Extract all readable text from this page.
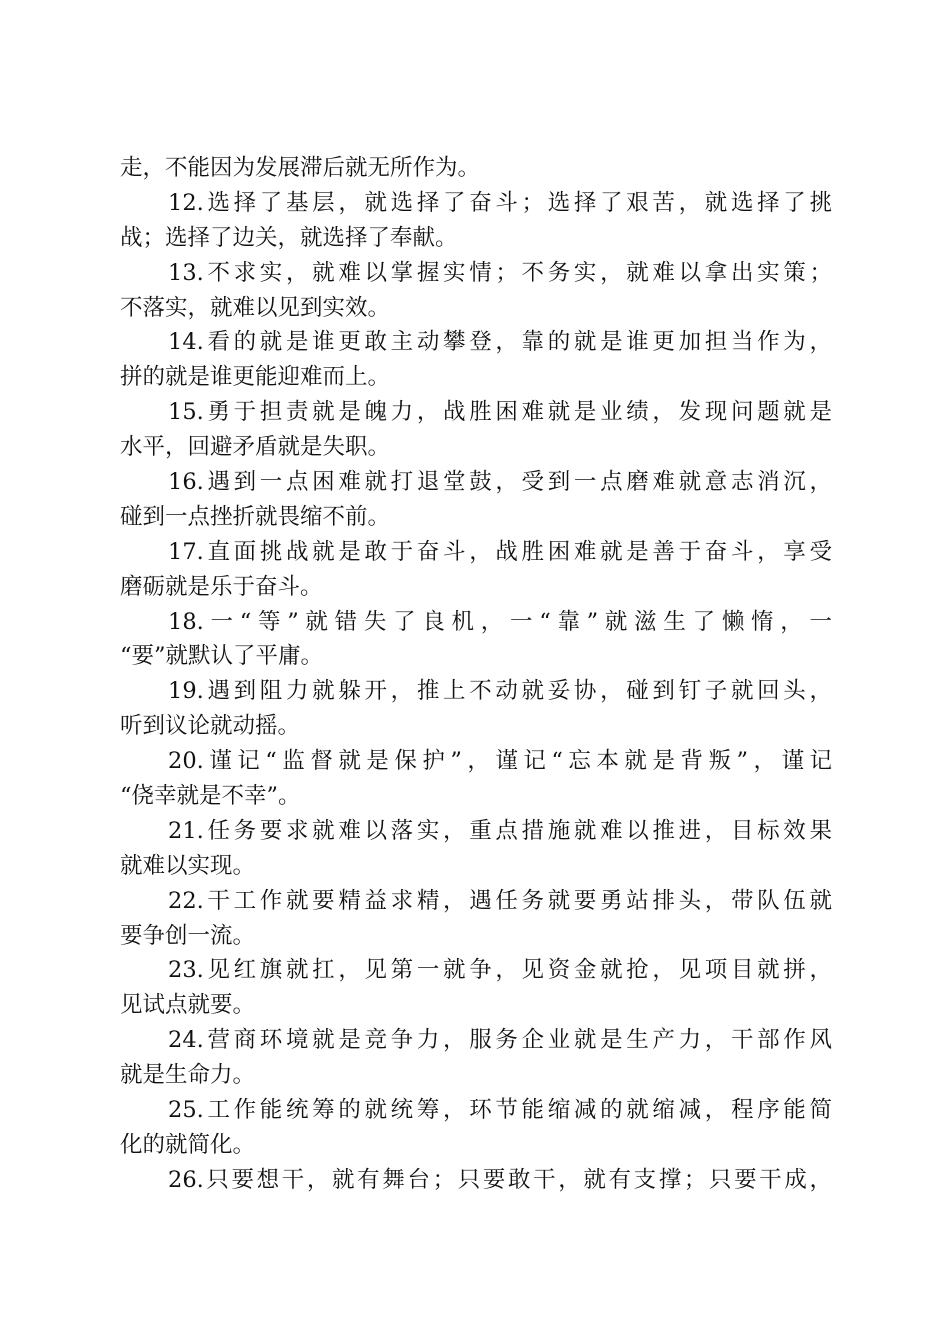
走，不能因为发展滞后就无所作为。
12.选择了基层，就选择了奋斗；选择了艰苦，就选择了挑
战；选择了边关，就选择了奉献。
13.不求实，就难以掌握实情；不务实，就难以拿出实策；
不落实，就难以见到实效。
14.看的就是谁更敢主动攀登，靠的就是谁更加担当作为，
拼的就是谁更能迎难而上。
15.勇于担责就是魄力，战胜困难就是业绩，发现问题就是
水平，回避矛盾就是失职。
16.遇到一点困难就打退堂鼓，受到一点磨难就意志消沉，
碰到一点挫折就畏缩不前。
17.直面挑战就是敢于奋斗，战胜困难就是善于奋斗，享受
磨砺就是乐于奋斗。
18.一“等”就错失了良机，一“靠”就滋生了懒惰，一
“要”就默认了平庸。
19.遇到阻力就躲开，推上不动就妥协，碰到钉子就回头，
听到议论就动摇。
20.谨记“监督就是保护”，谨记“忘本就是背叛”，谨记
“侥幸就是不幸”。
21.任务要求就难以落实，重点措施就难以推进，目标效果
就难以实现。
22.干工作就要精益求精，遇任务就要勇站排头，带队伍就
要争创一流。
23.见红旗就扛，见第一就争，见资金就抢，见项目就拼，
见试点就要。
24.营商环境就是竞争力，服务企业就是生产力，干部作风
就是生命力。
25.工作能统筹的就统筹，环节能缩减的就缩减，程序能简
化的就简化。
26.只要想干，就有舞台；只要敢干，就有支撑；只要干成，
